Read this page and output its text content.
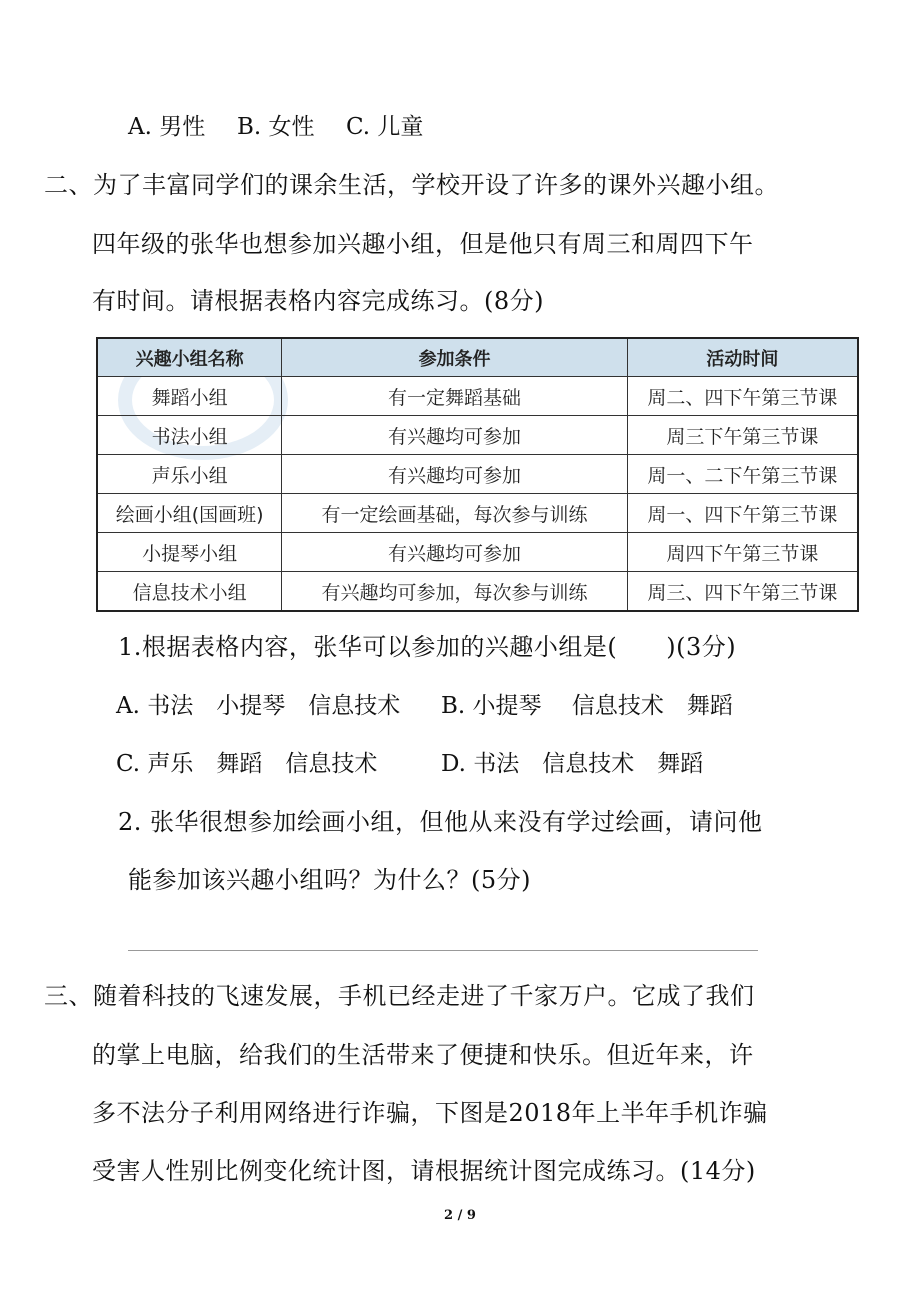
A. 男性 B. 女性 C. 儿童
二、为了丰富同学们的课余生活，学校开设了许多的课外兴趣小组。
四年级的张华也想参加兴趣小组，但是他只有周三和周四下午
有时间。请根据表格内容完成练习。(8分)
兴趣小组名称	参加条件	活动时间
舞蹈小组	有一定舞蹈基础	周二、四下午第三节课
书法小组	有兴趣均可参加	周三下午第三节课
声乐小组	有兴趣均可参加	周一、二下午第三节课
绘画小组(国画班)	有一定绘画基础，每次参与训练	周一、四下午第三节课
小提琴小组	有兴趣均可参加	周四下午第三节课
信息技术小组	有兴趣均可参加，每次参与训练	周三、四下午第三节课
1.根据表格内容，张华可以参加的兴趣小组是(　　)(3分)
A. 书法　小提琴　信息技术 B. 小提琴　 信息技术　舞蹈
C. 声乐　舞蹈　信息技术	D. 书法　信息技术　舞蹈
2. 张华很想参加绘画小组，但他从来没有学过绘画，请问他
能参加该兴趣小组吗？为什么？(5分)
三、随着科技的飞速发展，手机已经走进了千家万户。它成了我们
的掌上电脑，给我们的生活带来了便捷和快乐。但近年来，许
多不法分子利用网络进行诈骗，下图是2018年上半年手机诈骗
受害人性别比例变化统计图，请根据统计图完成练习。(14分)
2 / 9
